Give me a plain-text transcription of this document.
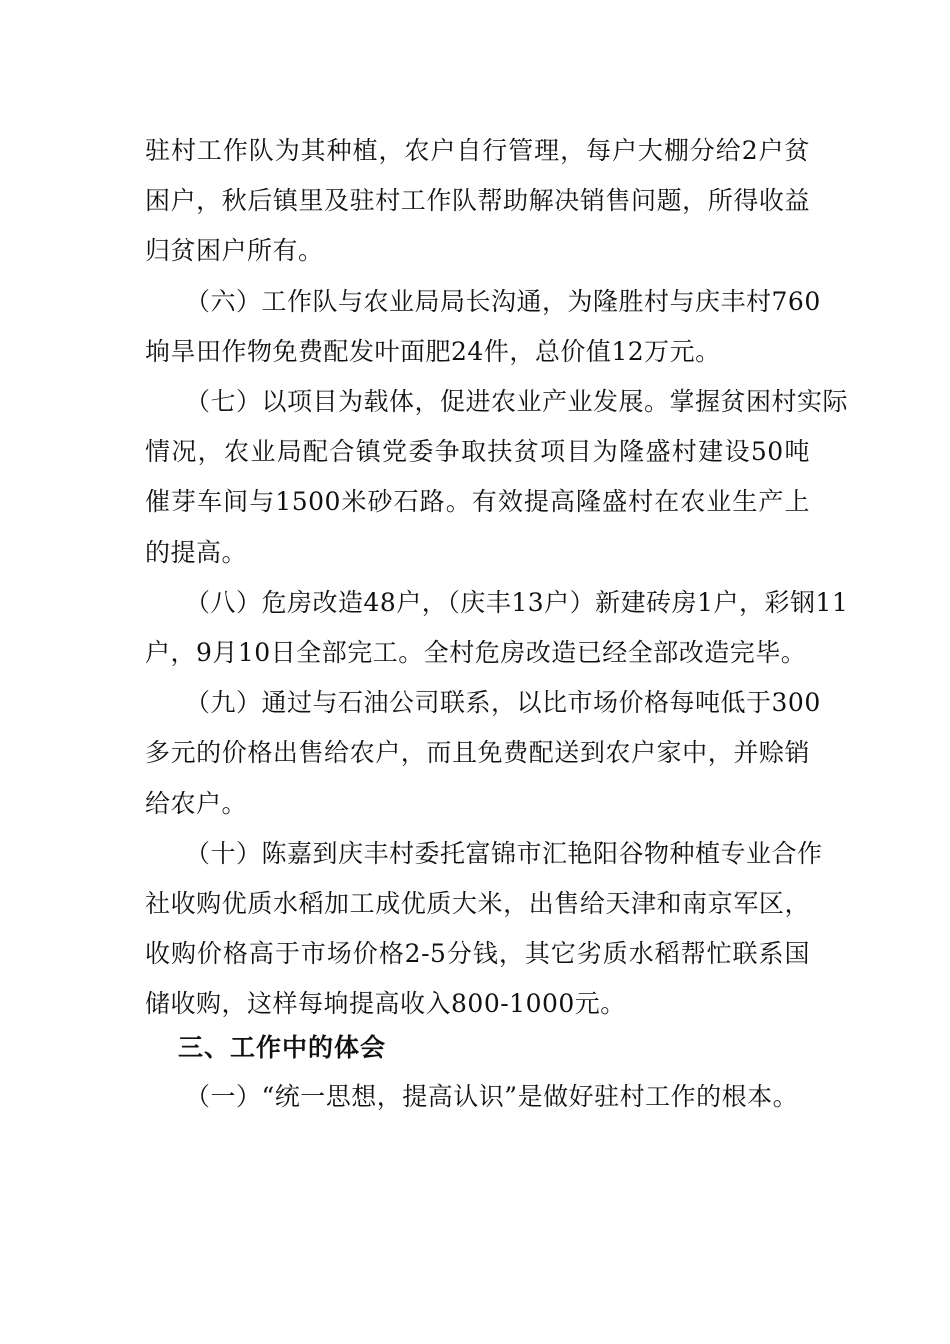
驻村工作队为其种植，农户自行管理，每户大棚分给2户贫
困户，秋后镇里及驻村工作队帮助解决销售问题，所得收益
归贫困户所有。
（六）工作队与农业局局长沟通，为隆胜村与庆丰村760
垧旱田作物免费配发叶面肥24件，总价值12万元。
（七）以项目为载体，促进农业产业发展。掌握贫困村实际
情况，农业局配合镇党委争取扶贫项目为隆盛村建设50吨
催芽车间与1500米砂石路。有效提高隆盛村在农业生产上
的提高。
（八）危房改造48户，（庆丰13户）新建砖房1户，彩钢11
户，9月10日全部完工。全村危房改造已经全部改造完毕。
（九）通过与石油公司联系，以比市场价格每吨低于300
多元的价格出售给农户，而且免费配送到农户家中，并赊销
给农户。
（十）陈嘉到庆丰村委托富锦市汇艳阳谷物种植专业合作
社收购优质水稻加工成优质大米，出售给天津和南京军区，
收购价格高于市场价格2-5分钱，其它劣质水稻帮忙联系国
储收购，这样每垧提高收入800-1000元。
（一）“统一思想，提高认识”是做好驻村工作的根本。
三、工作中的体会
